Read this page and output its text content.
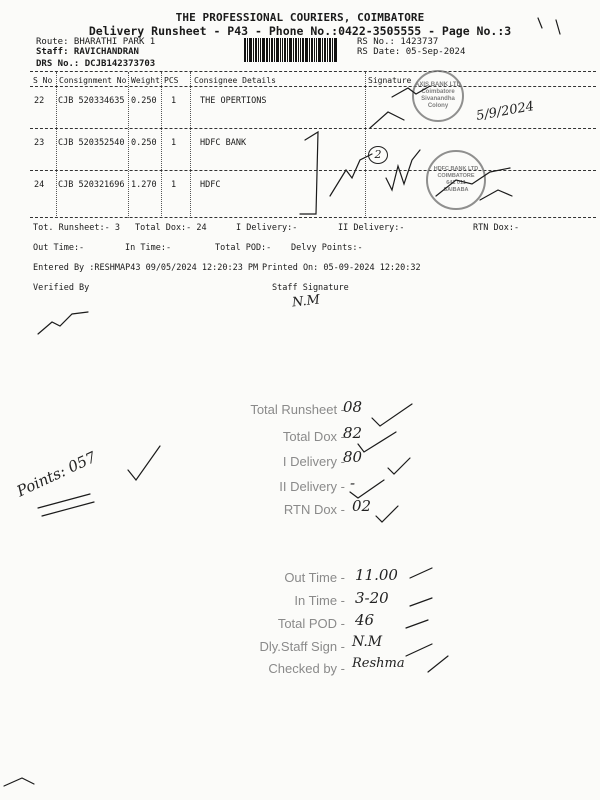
THE PROFESSIONAL COURIERS, COIMBATORE
Delivery Runsheet - P43 - Phone No.:0422-3505555 - Page No.:3
Route: BHARATHI PARK 1
Staff: RAVICHANDRAN
DRS No.: DCJB142373703
RS No.: 1423737
RS Date: 05-Sep-2024
S No Consignment No Weight PCS Consignee Details	Signature
22 CJB 520334635 0.250 1	THE OPERTIONS
23 CJB 520352540 0.250 1	HDFC BANK
24 CJB 520321696 1.270 1	HDFC
AXIS BANK LTD
Coimbatore
Sivanandha Colony
HDFC BANK LTD
COIMBATORE
641 011
SAIBABA
5/9/2024
2
Tot. Runsheet:- 3 Total Dox:- 24	I Delivery:-	II Delivery:-	RTN Dox:-
Out Time:-	In Time:-	Total POD:- Delvy Points:-
Entered By :RESHMAP43 09/05/2024 12:20:23 PM Printed On: 05-09-2024 12:20:32
Verified By	Staff Signature
N.M
Points: 057
Total Runsheet -
08
Total Dox -
82
I Delivery -
80
II Delivery - -
RTN Dox - 02
Out Time - 11.00
In Time - 3-20
Total POD - 46
Dly.Staff Sign - N.M
Checked by - Reshma
